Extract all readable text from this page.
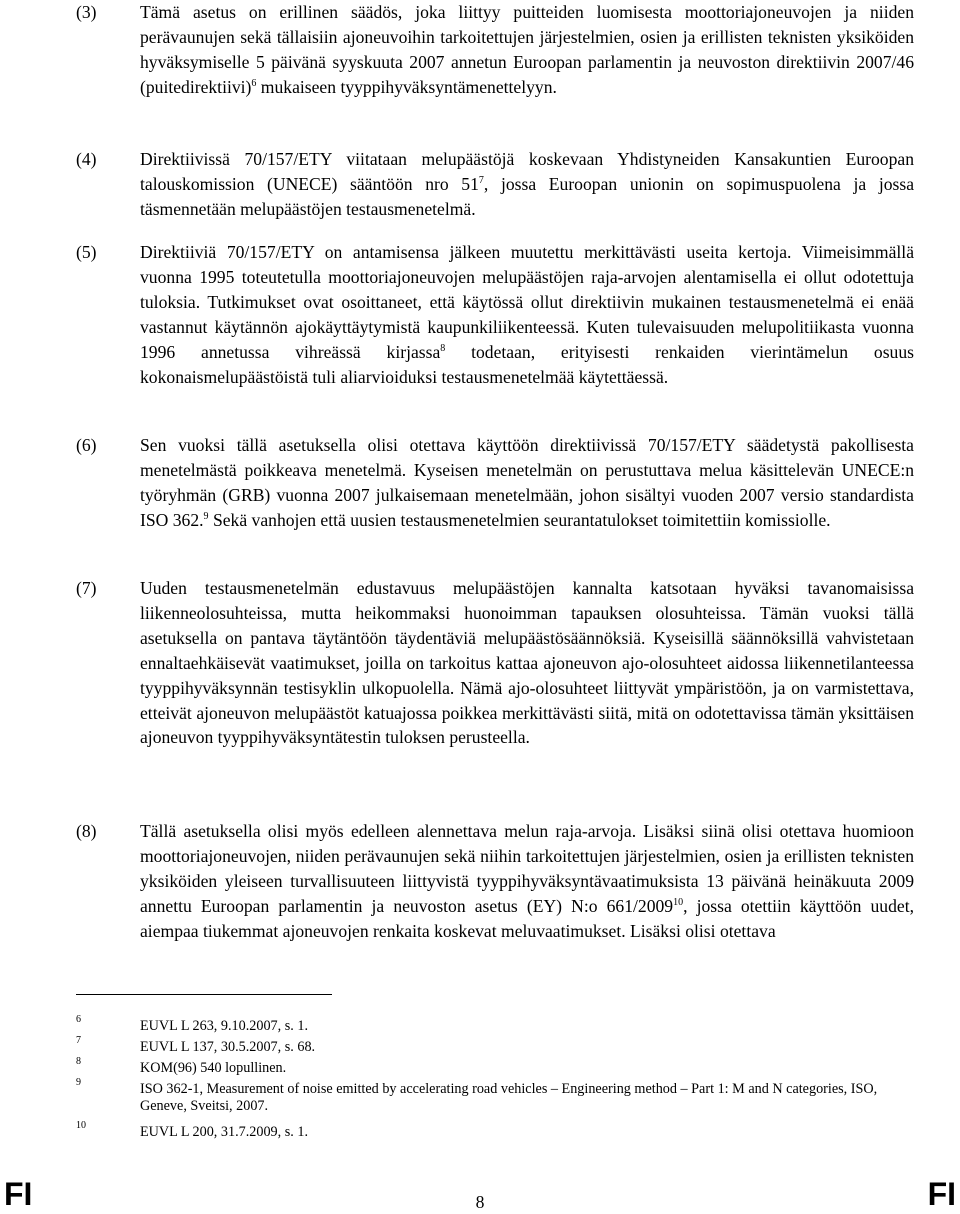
(3) Tämä asetus on erillinen säädös, joka liittyy puitteiden luomisesta moottoriajoneuvojen ja niiden perävaunujen sekä tällaisiin ajoneuvoihin tarkoitettujen järjestelmien, osien ja erillisten teknisten yksiköiden hyväksymiselle 5 päivänä syyskuuta 2007 annetun Euroopan parlamentin ja neuvoston direktiivin 2007/46 (puitedirektiivi)$^6$ mukaiseen tyyppihyväksyntämenettelyyn.
(4) Direktiivissä 70/157/ETY viitataan melupäästöjä koskevaan Yhdistyneiden Kansakuntien Euroopan talouskomission (UNECE) sääntöön nro $51^7$, jossa Euroopan unionin on sopimuspuolena ja jossa täsmennetään melupäästöjen testausmenetelmä.
(5) Direktiiviä 70/157/ETY on antamisensa jälkeen muutettu merkittävästi useita kertoja. Viimeisimmällä vuonna 1995 toteutetulla moottoriajoneuvojen melupäästöjen raja-arvojen alentamisella ei ollut odotettuja tuloksia. Tutkimukset ovat osoittaneet, että käytössä ollut direktiivin mukainen testausmenetelmä ei enää vastannut käytännön ajokäyttäytymistä kaupunkiliikenteessä. Kuten tulevaisuuden melupolitiikasta vuonna 1996 annetussa vihreässä kirjassa$^8$ todetaan, erityisesti renkaiden vierintämelun osuus kokonaismelupäästöistä tuli aliarvioiduksi testausmenetelmää käytettäessä.
(6) Sen vuoksi tällä asetuksella olisi otettava käyttöön direktiivissä 70/157/ETY säädetystä pakollisesta menetelmästä poikkeava menetelmä. Kyseisen menetelmän on perustuttava melua käsittelevän UNECE:n työryhmän (GRB) vuonna 2007 julkaisemaan menetelmään, johon sisältyi vuoden 2007 versio standardista ISO 362.$^9$ Sekä vanhojen että uusien testausmenetelmien seurantatulokset toimitettiin komissiolle.
(7) Uuden testausmenetelmän edustavuus melupäästöjen kannalta katsotaan hyväksi tavanomaisissa liikenneolosuhteissa, mutta heikommaksi huonoimman tapauksen olosuhteissa. Tämän vuoksi tällä asetuksella on pantava täytäntöön täydentäviä melupäästösäännöksiä. Kyseisillä säännöksillä vahvistetaan ennaltaehkäisevät vaatimukset, joilla on tarkoitus kattaa ajoneuvon ajo-olosuhteet aidossa liikennetilanteessa tyyppihyväksynnän testisyklin ulkopuolella. Nämä ajo-olosuhteet liittyvät ympäristöön, ja on varmistettava, etteivät ajoneuvon melupäästöt katuajossa poikkea merkittävästi siitä, mitä on odotettavissa tämän yksittäisen ajoneuvon tyyppihyväksyntätestin tuloksen perusteella.
(8) Tällä asetuksella olisi myös edelleen alennettava melun raja-arvoja. Lisäksi siinä olisi otettava huomioon moottoriajoneuvojen, niiden perävaunujen sekä niihin tarkoitettujen järjestelmien, osien ja erillisten teknisten yksiköiden yleiseen turvallisuuteen liittyvistä tyyppihyväksyntävaatimuksista 13 päivänä heinäkuuta 2009 annettu Euroopan parlamentin ja neuvoston asetus (EY) N:o 661/2009$^{10}$, jossa otettiin käyttöön uudet, aiempaa tiukemmat ajoneuvojen renkaita koskevat meluvaatimukset. Lisäksi olisi otettava
6	EUVL L 263, 9.10.2007, s. 1.
7	EUVL L 137, 30.5.2007, s. 68.
8	KOM(96) 540 lopullinen.
9	ISO 362-1, Measurement of noise emitted by accelerating road vehicles – Engineering method – Part 1: M and N categories, ISO, Geneve, Sveitsi, 2007.
10	EUVL L 200, 31.7.2009, s. 1.
FI	8	FI
